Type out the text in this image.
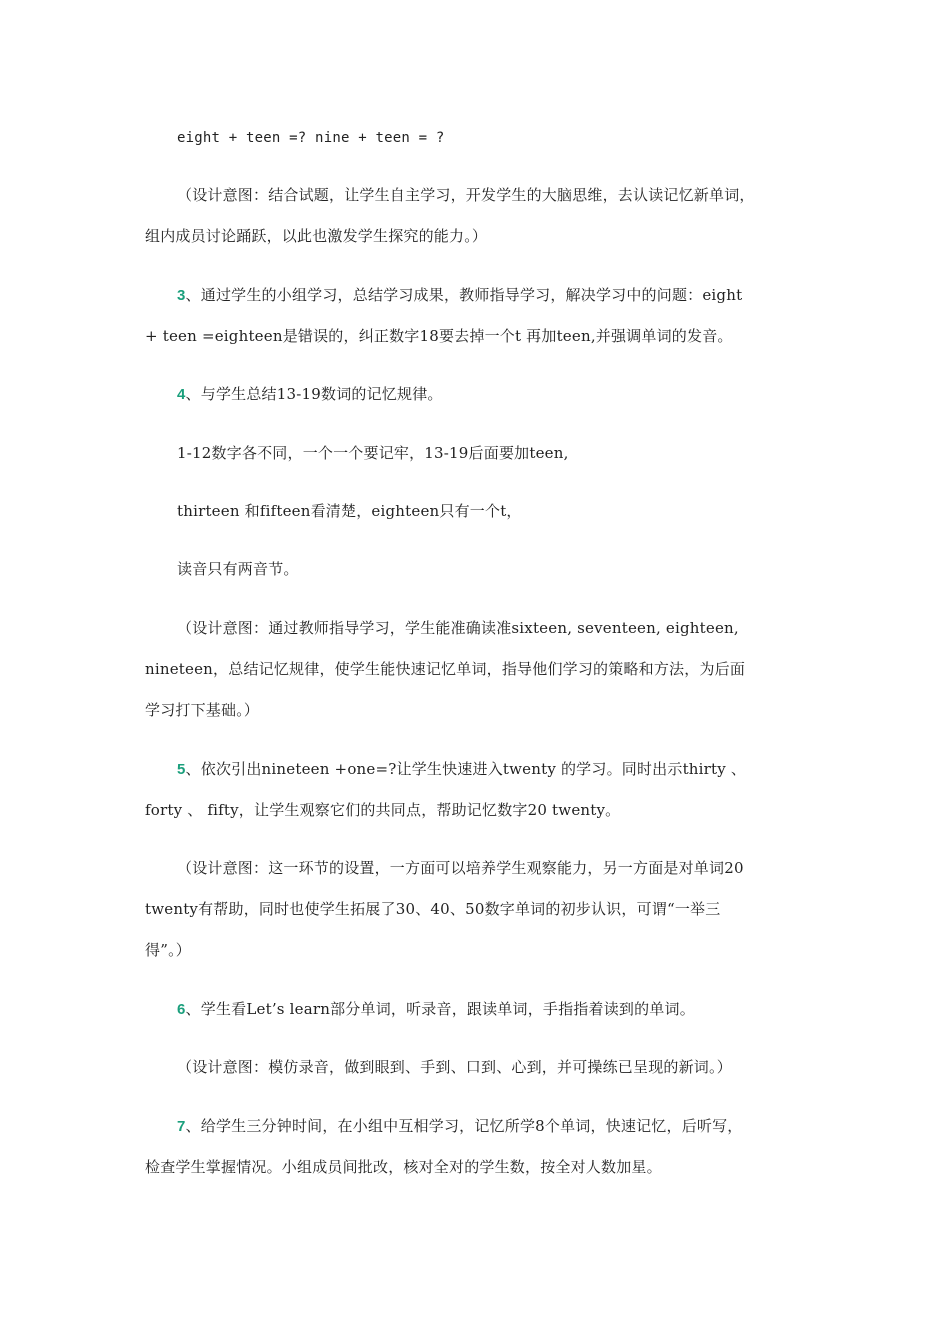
eight + teen =? nine + teen = ?
（设计意图：结合试题，让学生自主学习，开发学生的大脑思维，去认读记忆新单词，
组内成员讨论踊跃，以此也激发学生探究的能力。）
3、通过学生的小组学习，总结学习成果，教师指导学习，解决学习中的问题：eight
+ teen =eighteen是错误的，纠正数字18要去掉一个t 再加teen,并强调单词的发音。
4、与学生总结13-19数词的记忆规律。
1-12数字各不同，一个一个要记牢，13-19后面要加teen,
thirteen 和fifteen看清楚，eighteen只有一个t，
读音只有两音节。
（设计意图：通过教师指导学习，学生能准确读准sixteen, seventeen, eighteen,
nineteen，总结记忆规律，使学生能快速记忆单词，指导他们学习的策略和方法，为后面
学习打下基础。）
5、依次引出nineteen +one=?让学生快速进入twenty 的学习。同时出示thirty 、
forty 、 fifty，让学生观察它们的共同点，帮助记忆数字20 twenty。
（设计意图：这一环节的设置，一方面可以培养学生观察能力，另一方面是对单词20
twenty有帮助，同时也使学生拓展了30、40、50数字单词的初步认识，可谓“一举三
得”。）
6、学生看Let’s learn部分单词，听录音，跟读单词，手指指着读到的单词。
（设计意图：模仿录音，做到眼到、手到、口到、心到，并可操练已呈现的新词。）
7、给学生三分钟时间，在小组中互相学习，记忆所学8个单词，快速记忆，后听写，
检查学生掌握情况。小组成员间批改，核对全对的学生数，按全对人数加星。
